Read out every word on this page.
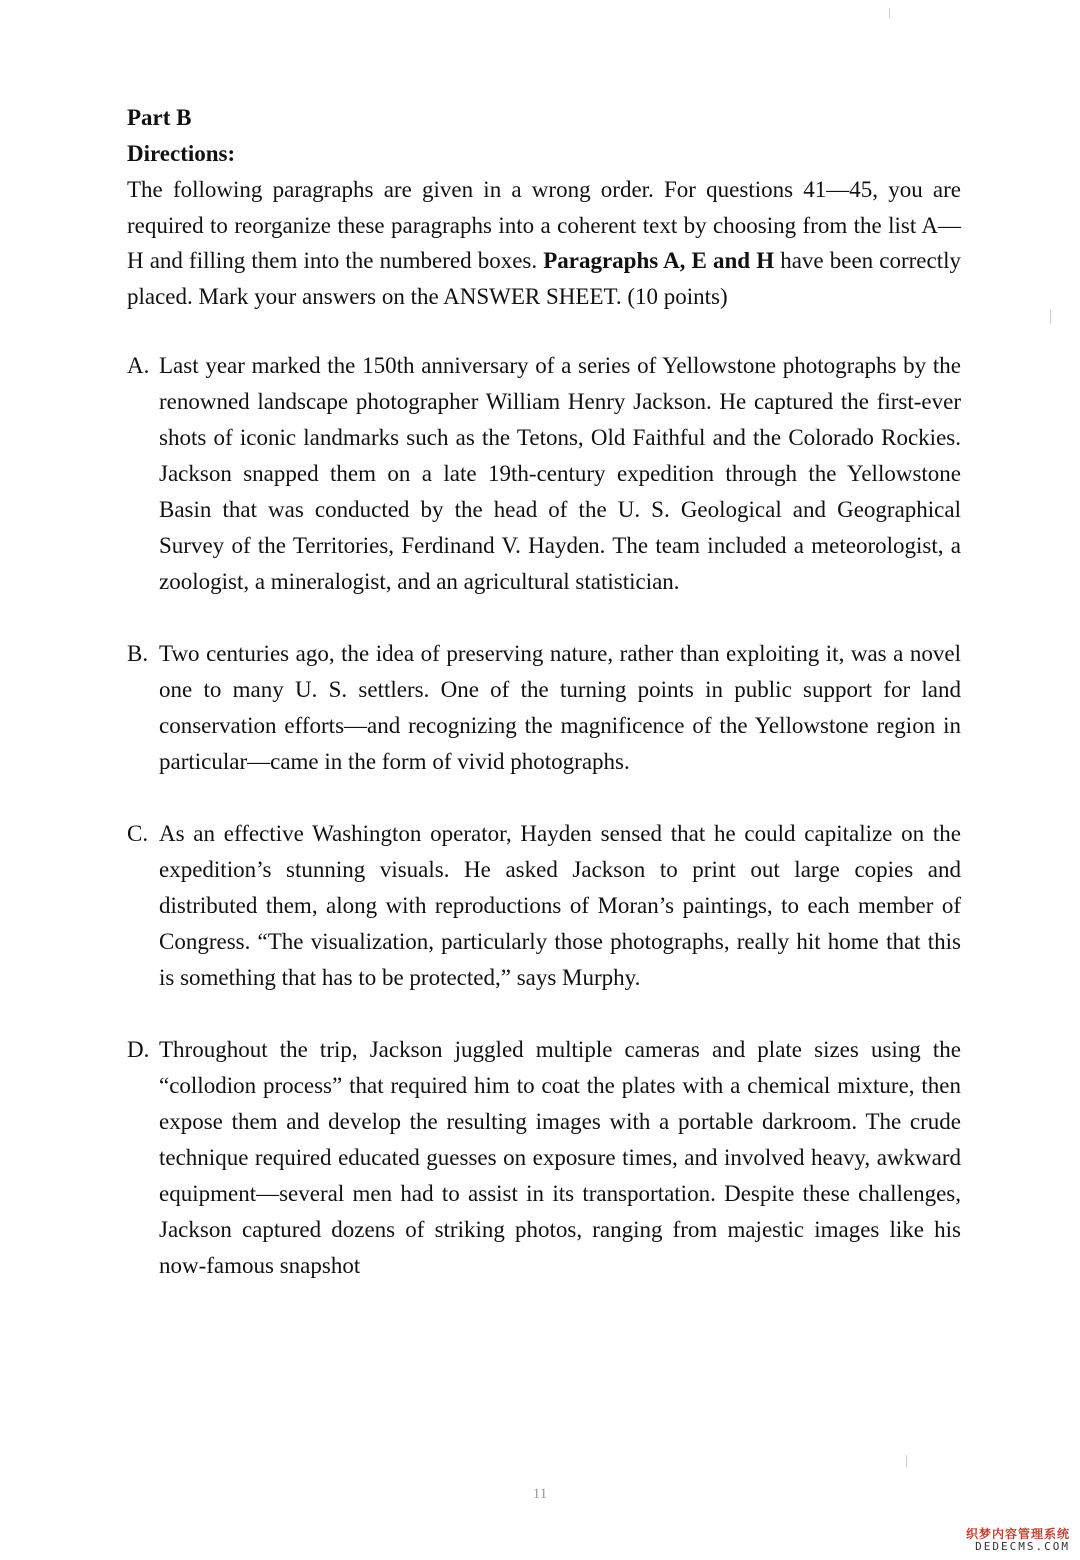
Part B

Directions:

The following paragraphs are given in a wrong order. For questions 41—45, you are required to reorganize these paragraphs into a coherent text by choosing from the list A—H and filling them into the numbered boxes. Paragraphs A, E and H have been correctly placed. Mark your answers on the ANSWER SHEET. (10 points)

A. Last year marked the 150th anniversary of a series of Yellowstone photographs by the renowned landscape photographer William Henry Jackson. He captured the first-ever shots of iconic landmarks such as the Tetons, Old Faithful and the Colorado Rockies. Jackson snapped them on a late 19th-century expedition through the Yellowstone Basin that was conducted by the head of the U. S. Geological and Geographical Survey of the Territories, Ferdinand V. Hayden. The team included a meteorologist, a zoologist, a mineralogist, and an agricultural statistician.

B. Two centuries ago, the idea of preserving nature, rather than exploiting it, was a novel one to many U. S. settlers. One of the turning points in public support for land conservation efforts—and recognizing the magnificence of the Yellowstone region in particular—came in the form of vivid photographs.

C. As an effective Washington operator, Hayden sensed that he could capitalize on the expedition’s stunning visuals. He asked Jackson to print out large copies and distributed them, along with reproductions of Moran’s paintings, to each member of Congress. “The visualization, particularly those photographs, really hit home that this is something that has to be protected,” says Murphy.

D. Throughout the trip, Jackson juggled multiple cameras and plate sizes using the “collodion process” that required him to coat the plates with a chemical mixture, then expose them and develop the resulting images with a portable darkroom. The crude technique required educated guesses on exposure times, and involved heavy, awkward equipment—several men had to assist in its transportation. Despite these challenges, Jackson captured dozens of striking photos, ranging from majestic images like his now-famous snapshot

11
织梦内容管理系统
DEDECMS.COM
